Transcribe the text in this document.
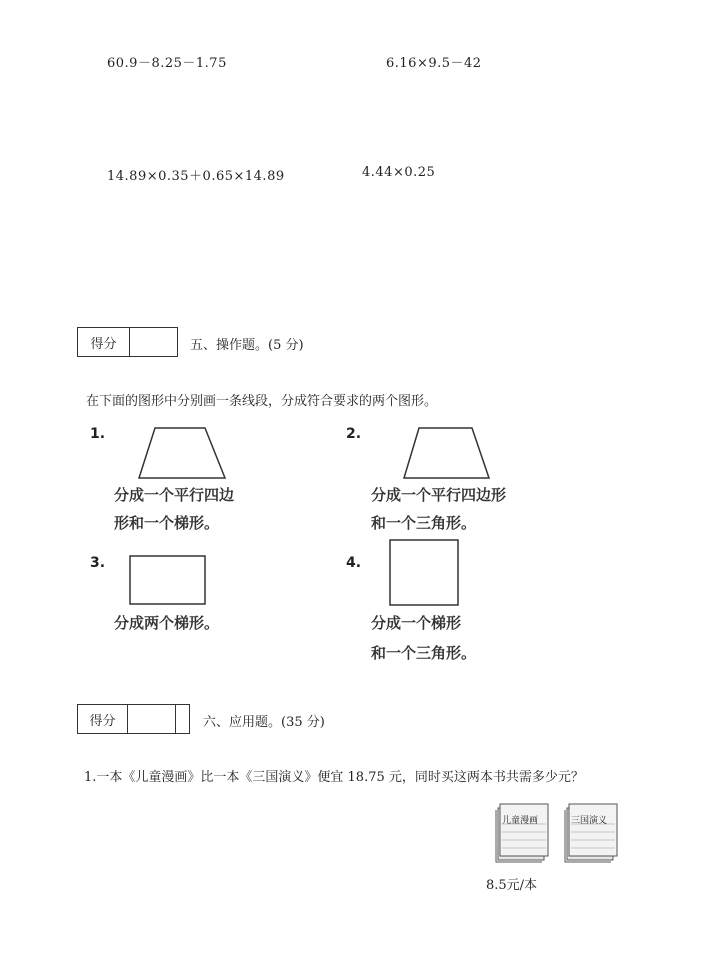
60.9－8.25－1.75	6.16×9.5－42
14.89×0.35＋0.65×14.89	4.44×0.25
得分	五、操作题。(5 分)
在下面的图形中分别画一条线段，分成符合要求的两个图形。
1.
分成一个平行四边
形和一个梯形。
2.
分成一个平行四边形
和一个三角形。
3.
分成两个梯形。
4.
分成一个梯形
和一个三角形。
得分	六、应用题。(35 分)
1.一本《儿童漫画》比一本《三国演义》便宜 18.75 元，同时买这两本书共需多少元？
儿童漫画	三国演义
8.5元/本
